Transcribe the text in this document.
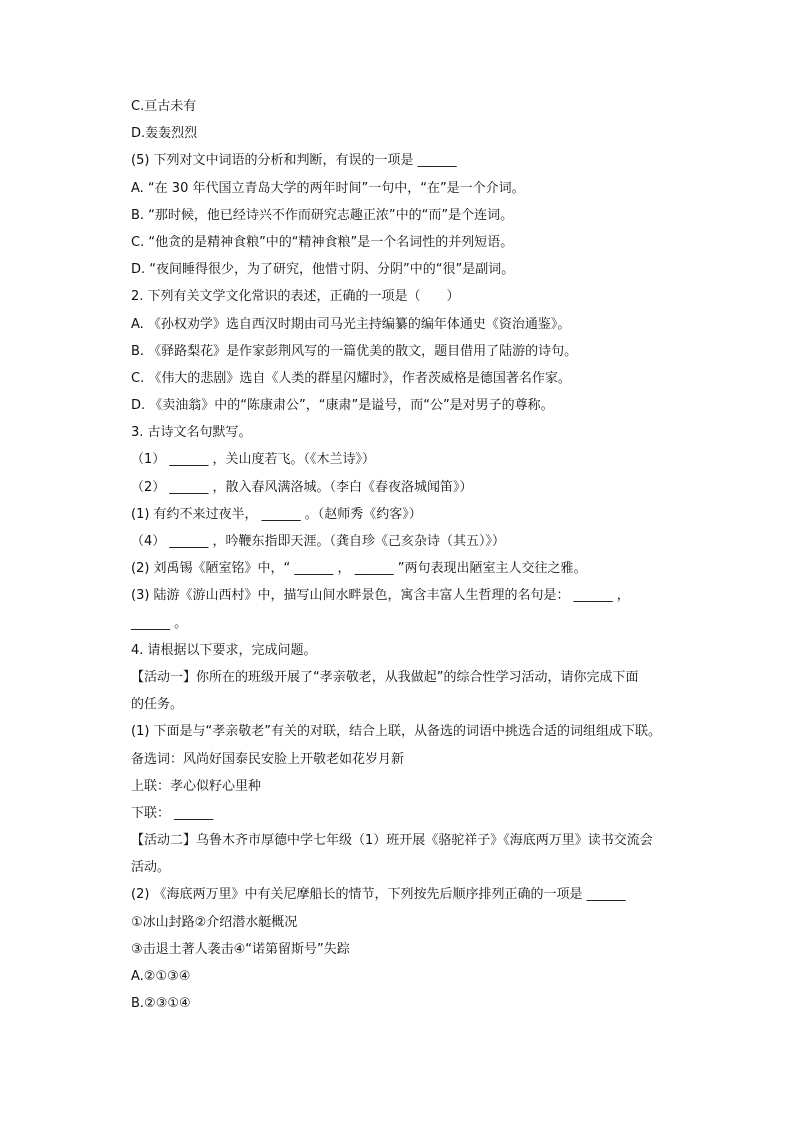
C.亘古未有
D.轰轰烈烈
(5) 下列对文中词语的分析和判断，有误的一项是 ______
A. “在 30 年代国立青岛大学的两年时间”一句中，“在”是一个介词。
B. “那时候，他已经诗兴不作而研究志趣正浓”中的“而”是个连词。
C. “他贪的是精神食粮”中的“精神食粮”是一个名词性的并列短语。
D. “夜间睡得很少，为了研究，他惜寸阴、分阴”中的“很”是副词。
2. 下列有关文学文化常识的表述，正确的一项是（　　）
A. 《孙权劝学》选自西汉时期由司马光主持编纂的编年体通史《资治通鉴》。
B. 《驿路梨花》是作家彭荆风写的一篇优美的散文，题目借用了陆游的诗句。
C. 《伟大的悲剧》选自《人类的群星闪耀时》，作者茨威格是德国著名作家。
D. 《卖油翁》中的“陈康肃公”，“康肃”是谥号，而“公”是对男子的尊称。
3. 古诗文名句默写。
（1） ______ ，关山度若飞。（《木兰诗》）
（2） ______ ，散入春风满洛城。（李白《春夜洛城闻笛》）
(1) 有约不来过夜半， ______ 。（赵师秀《约客》）
（4） ______ ，吟鞭东指即天涯。（龚自珍《己亥杂诗（其五）》）
(2) 刘禹锡《陋室铭》中，“ ______ ， ______ ”两句表现出陋室主人交往之雅。
(3) 陆游《游山西村》中，描写山间水畔景色，寓含丰富人生哲理的名句是： ______ ，
______ 。
4. 请根据以下要求，完成问题。
【活动一】你所在的班级开展了“孝亲敬老，从我做起”的综合性学习活动，请你完成下面
的任务。
(1) 下面是与“孝亲敬老”有关的对联，结合上联，从备选的词语中挑选合适的词组组成下联。
备选词：风尚好国泰民安脸上开敬老如花岁月新
上联：孝心似籽心里种
下联： ______
【活动二】乌鲁木齐市厚德中学七年级（1）班开展《骆驼祥子》《海底两万里》读书交流会
活动。
(2) 《海底两万里》中有关尼摩船长的情节，下列按先后顺序排列正确的一项是 ______
①冰山封路②介绍潜水艇概况
③击退土著人袭击④“诺第留斯号”失踪
A.②①③④
B.②③①④
